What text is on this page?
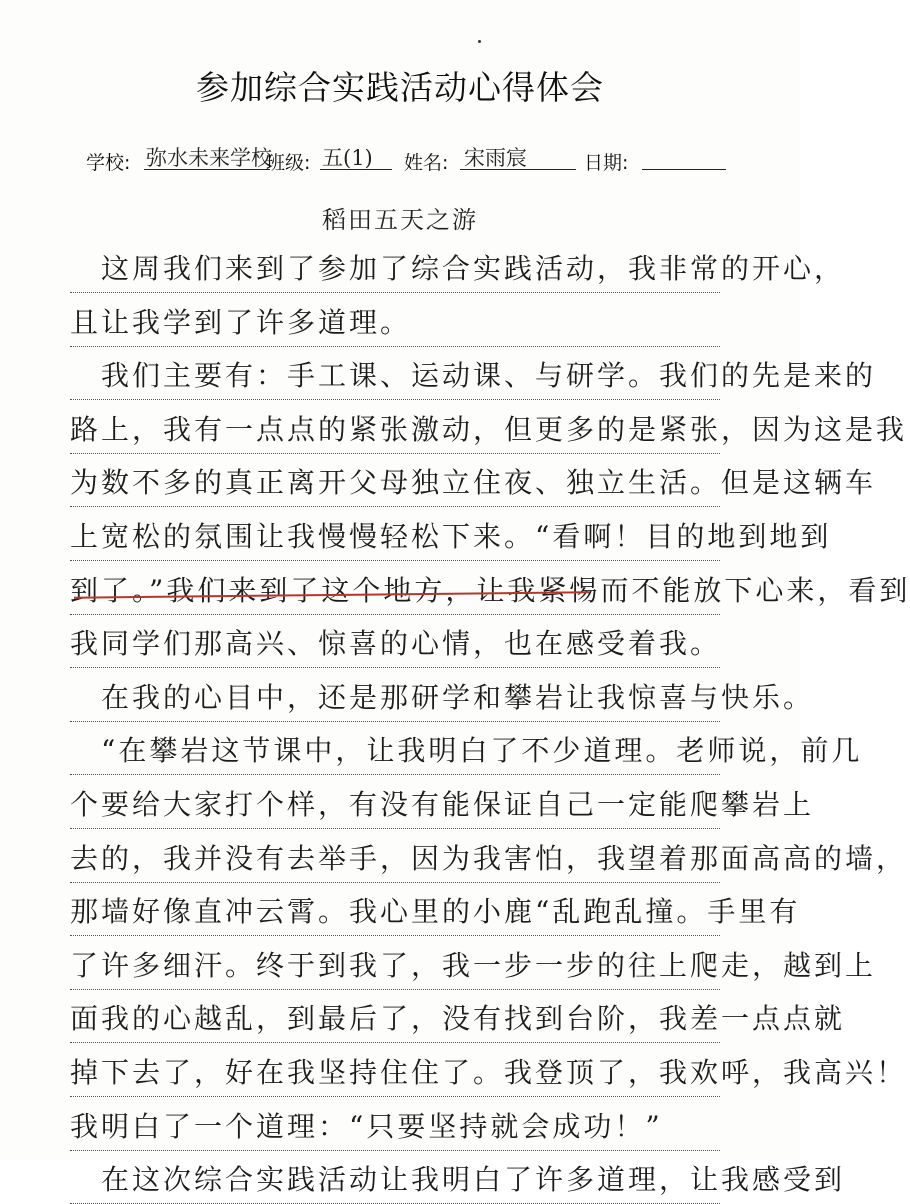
参加综合实践活动心得体会
学校: 弥水未来学校
班级: 五(1) 姓名: 宋雨宸	日期:
稻田五天之游
　这周我们来到了参加了综合实践活动，我非常的开心，
且让我学到了许多道理。
　我们主要有：手工课、运动课、与研学。我们的先是来的
路上，我有一点点的紧张激动，但更多的是紧张，因为这是我
为数不多的真正离开父母独立住夜、独立生活。但是这辆车
上宽松的氛围让我慢慢轻松下来。“看啊！目的地到地到
到了。”我们来到了这个地方，让我紧惕而不能放下心来，看到
我同学们那高兴、惊喜的心情，也在感受着我。
　在我的心目中，还是那研学和攀岩让我惊喜与快乐。
　“在攀岩这节课中，让我明白了不少道理。老师说，前几
个要给大家打个样，有没有能保证自己一定能爬攀岩上
去的，我并没有去举手，因为我害怕，我望着那面高高的墙，
那墙好像直冲云霄。我心里的小鹿“乱跑乱撞。手里有
了许多细汗。终于到我了，我一步一步的往上爬走，越到上
面我的心越乱，到最后了，没有找到台阶，我差一点点就
掉下去了，好在我坚持住住了。我登顶了，我欢呼，我高兴！
我明白了一个道理：“只要坚持就会成功！”
　在这次综合实践活动让我明白了许多道理，让我感受到
